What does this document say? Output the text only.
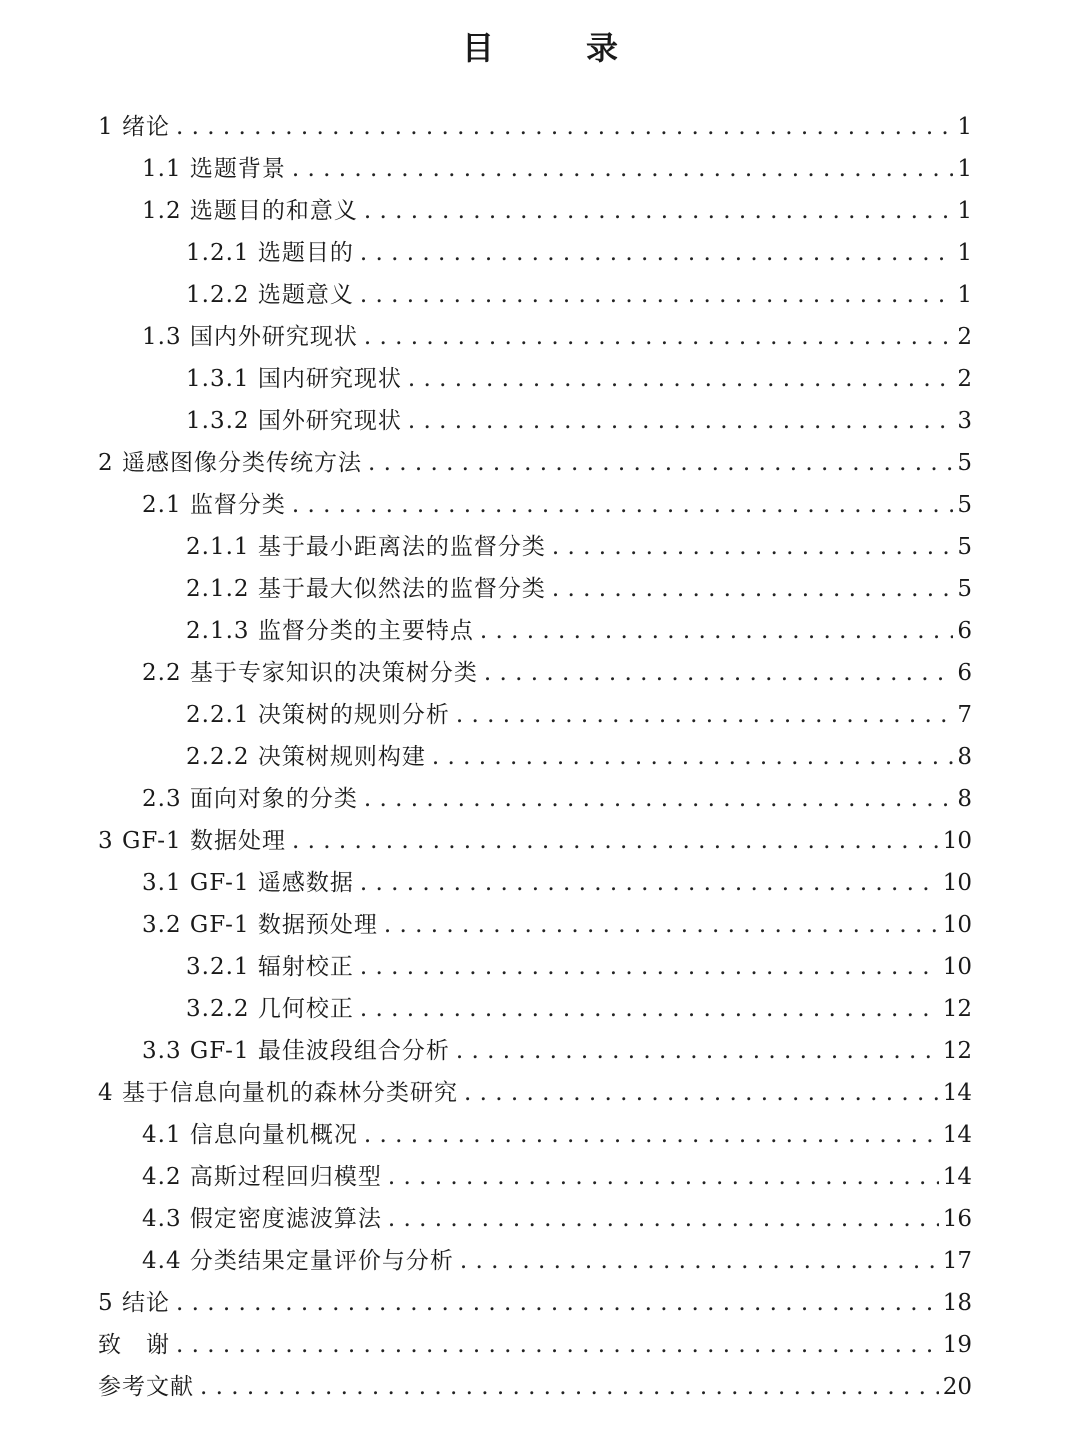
目　录
1 绪论 . . .	1
1.1 选题背景 . . .	1
1.2 选题目的和意义 . . .	1
1.2.1 选题目的 . . .	1
1.2.2 选题意义 . . .	1
1.3 国内外研究现状 . . .	2
1.3.1 国内研究现状 . . .	2
1.3.2 国外研究现状 . . .	3
2 遥感图像分类传统方法 . . .	5
2.1 监督分类 . . .	5
2.1.1 基于最小距离法的监督分类 . . .	5
2.1.2 基于最大似然法的监督分类 . . .	5
2.1.3 监督分类的主要特点 . . .	6
2.2 基于专家知识的决策树分类 . . .	6
2.2.1 决策树的规则分析 . . .	7
2.2.2 决策树规则构建 . . .	8
2.3 面向对象的分类 . . .	8
3 GF-1 数据处理 . . .	10
3.1 GF-1 遥感数据 . . .	10
3.2 GF-1 数据预处理 . . .	10
3.2.1 辐射校正 . . .	10
3.2.2 几何校正 . . .	12
3.3 GF-1 最佳波段组合分析 . . .	12
4 基于信息向量机的森林分类研究 . . .	14
4.1 信息向量机概况 . . .	14
4.2 高斯过程回归模型 . . .	14
4.3 假定密度滤波算法 . . .	16
4.4 分类结果定量评价与分析 . . .	17
5 结论 . . .	18
致　谢 . . .	19
参考文献 . . .	20
